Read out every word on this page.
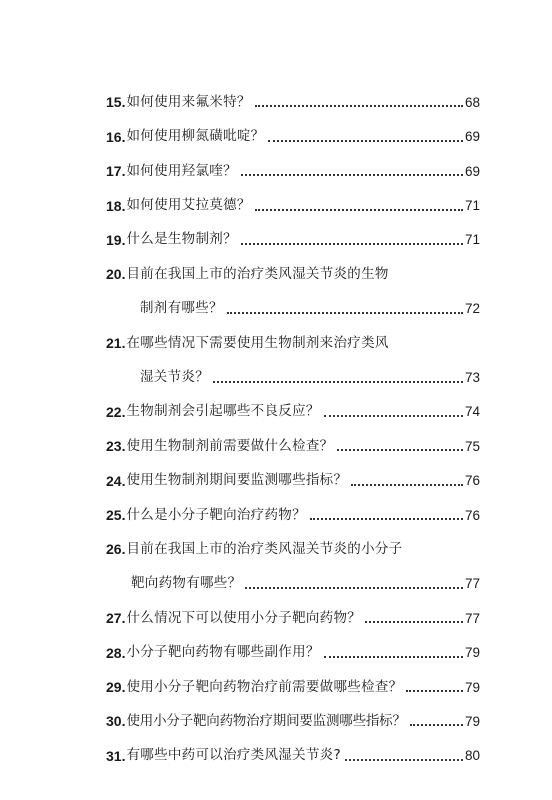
15. 如何使用来氟米特？	68
16. 如何使用柳氮磺吡啶？	69
17. 如何使用羟氯喹？	69
18. 如何使用艾拉莫德？	71
19. 什么是生物制剂？	71
20. 目前在我国上市的治疗类风湿关节炎的生物
制剂有哪些？	72
21. 在哪些情况下需要使用生物制剂来治疗类风
湿关节炎？	73
22. 生物制剂会引起哪些不良反应？	74
23. 使用生物制剂前需要做什么检查？	75
24. 使用生物制剂期间要监测哪些指标？	76
25. 什么是小分子靶向治疗药物？	76
26. 目前在我国上市的治疗类风湿关节炎的小分子
靶向药物有哪些？	77
27. 什么情况下可以使用小分子靶向药物？	77
28. 小分子靶向药物有哪些副作用？	79
29. 使用小分子靶向药物治疗前需要做哪些检查？	79
30. 使用小分子靶向药物治疗期间要监测哪些指标？	79
31. 有哪些中药可以治疗类风湿关节炎?	80
